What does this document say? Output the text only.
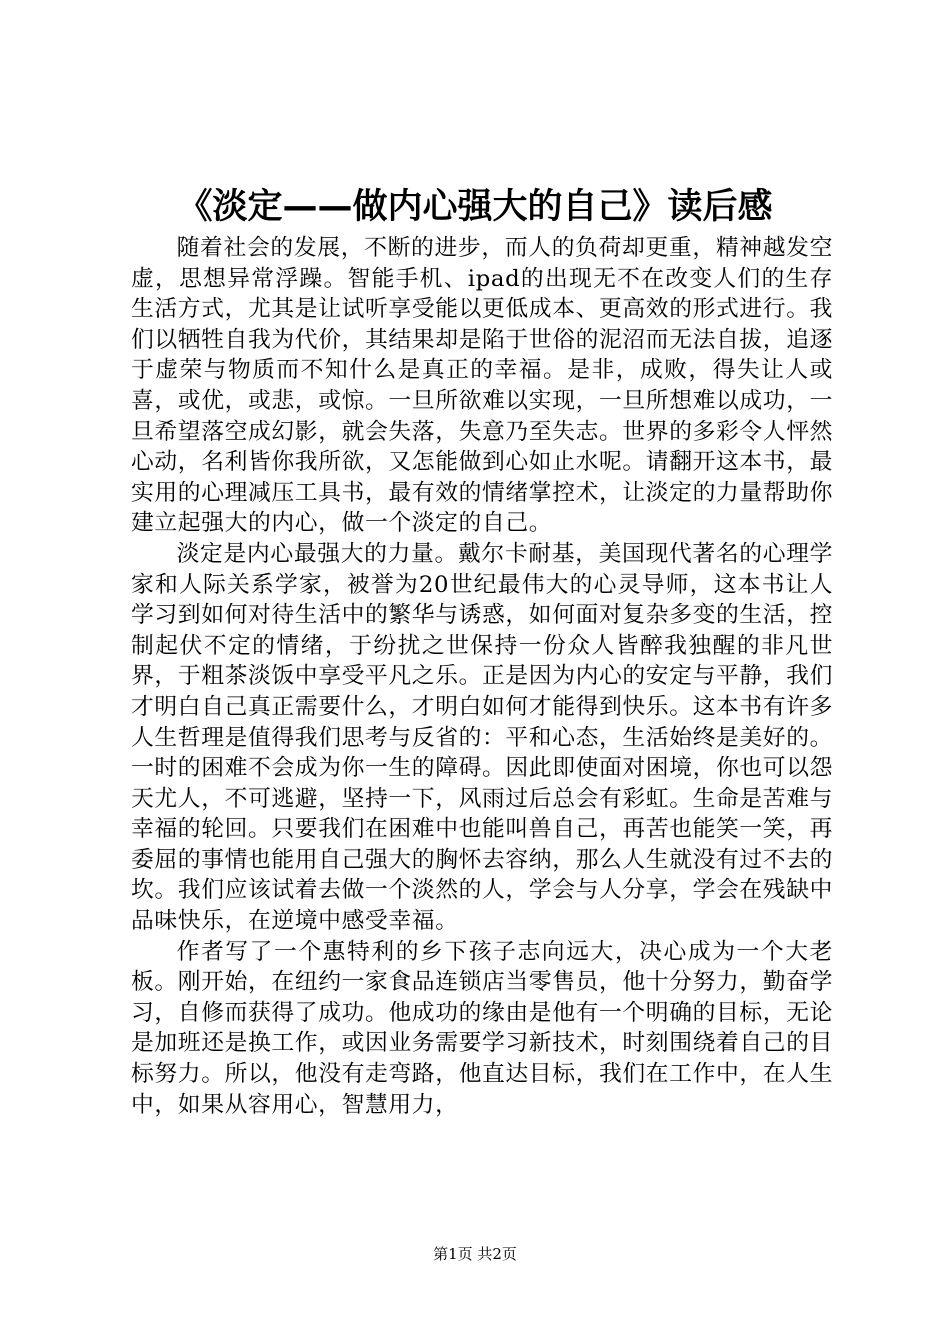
《淡定——做内心强大的自己》读后感

随着社会的发展，不断的进步，而人的负荷却更重，精神越发空虚，思想异常浮躁。智能手机、ipad的出现无不在改变人们的生存生活方式，尤其是让试听享受能以更低成本、更高效的形式进行。我们以牺牲自我为代价，其结果却是陷于世俗的泥沼而无法自拔，追逐于虚荣与物质而不知什么是真正的幸福。是非，成败，得失让人或喜，或优，或悲，或惊。一旦所欲难以实现，一旦所想难以成功，一旦希望落空成幻影，就会失落，失意乃至失志。世界的多彩令人怦然心动，名利皆你我所欲，又怎能做到心如止水呢。请翻开这本书，最实用的心理减压工具书，最有效的情绪掌控术，让淡定的力量帮助你建立起强大的内心，做一个淡定的自己。

淡定是内心最强大的力量。戴尔卡耐基，美国现代著名的心理学家和人际关系学家，被誉为20世纪最伟大的心灵导师，这本书让人学习到如何对待生活中的繁华与诱惑，如何面对复杂多变的生活，控制起伏不定的情绪，于纷扰之世保持一份众人皆醉我独醒的非凡世界，于粗茶淡饭中享受平凡之乐。正是因为内心的安定与平静，我们才明白自己真正需要什么，才明白如何才能得到快乐。这本书有许多人生哲理是值得我们思考与反省的：平和心态，生活始终是美好的。一时的困难不会成为你一生的障碍。因此即使面对困境，你也可以怨天尤人，不可逃避，坚持一下，风雨过后总会有彩虹。生命是苦难与幸福的轮回。只要我们在困难中也能叫兽自己，再苦也能笑一笑，再委屈的事情也能用自己强大的胸怀去容纳，那么人生就没有过不去的坎。我们应该试着去做一个淡然的人，学会与人分享，学会在残缺中品味快乐，在逆境中感受幸福。

作者写了一个惠特利的乡下孩子志向远大，决心成为一个大老板。刚开始，在纽约一家食品连锁店当零售员，他十分努力，勤奋学习，自修而获得了成功。他成功的缘由是他有一个明确的目标，无论是加班还是换工作，或因业务需要学习新技术，时刻围绕着自己的目标努力。所以，他没有走弯路，他直达目标，我们在工作中，在人生中，如果从容用心，智慧用力，

第1页 共2页
